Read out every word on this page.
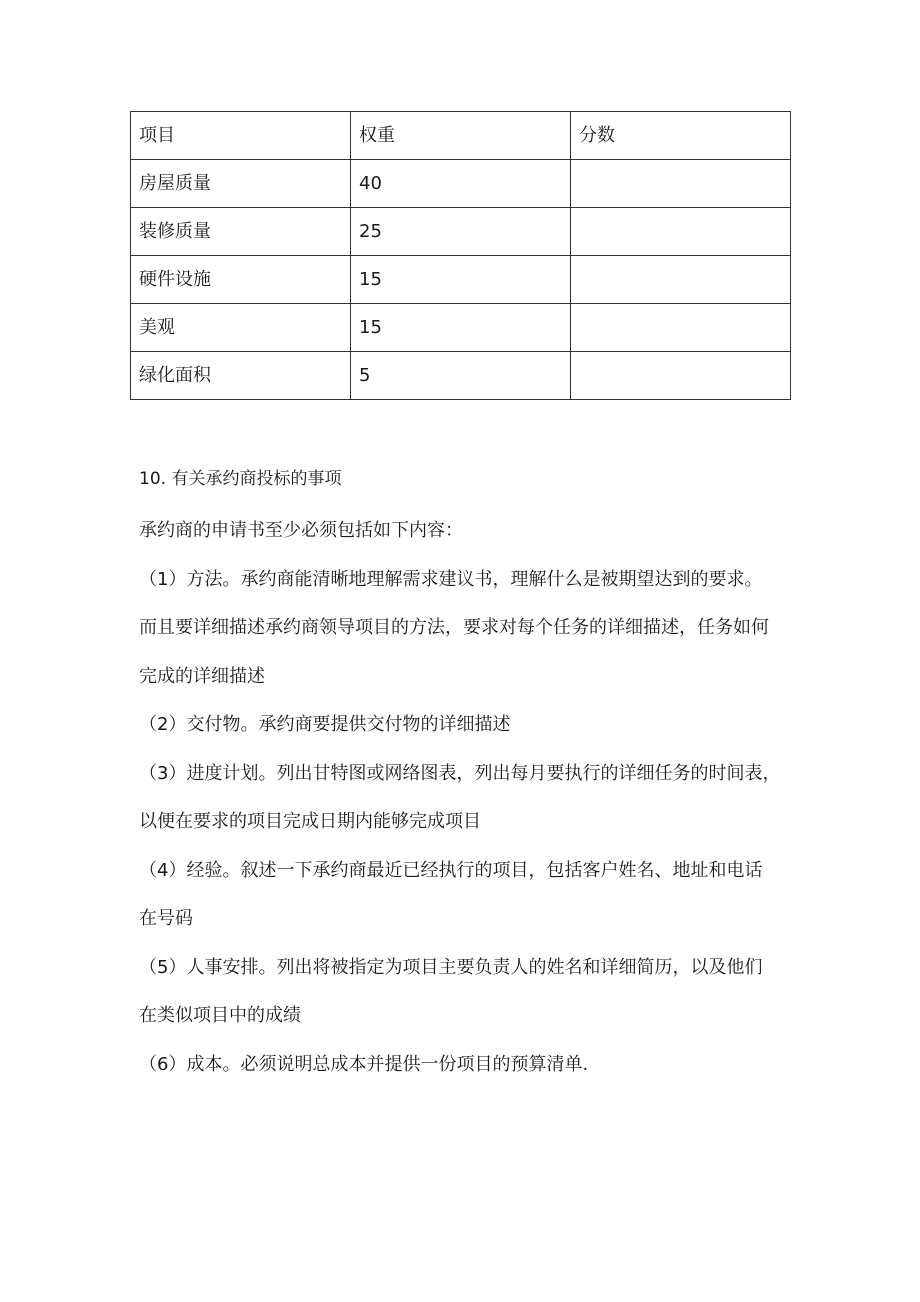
项目	权重	分数
房屋质量	40	
装修质量	25	
硬件设施	15	
美观	15	
绿化面积	5	

10. 有关承约商投标的事项

承约商的申请书至少必须包括如下内容：

（1）方法。承约商能清晰地理解需求建议书，理解什么是被期望达到的要求。

而且要详细描述承约商领导项目的方法，要求对每个任务的详细描述，任务如何

完成的详细描述

（2）交付物。承约商要提供交付物的详细描述

（3）进度计划。列出甘特图或网络图表，列出每月要执行的详细任务的时间表，

以便在要求的项目完成日期内能够完成项目

（4）经验。叙述一下承约商最近已经执行的项目，包括客户姓名、地址和电话

在号码

（5）人事安排。列出将被指定为项目主要负责人的姓名和详细简历，以及他们

在类似项目中的成绩

（6）成本。必须说明总成本并提供一份项目的预算清单.
